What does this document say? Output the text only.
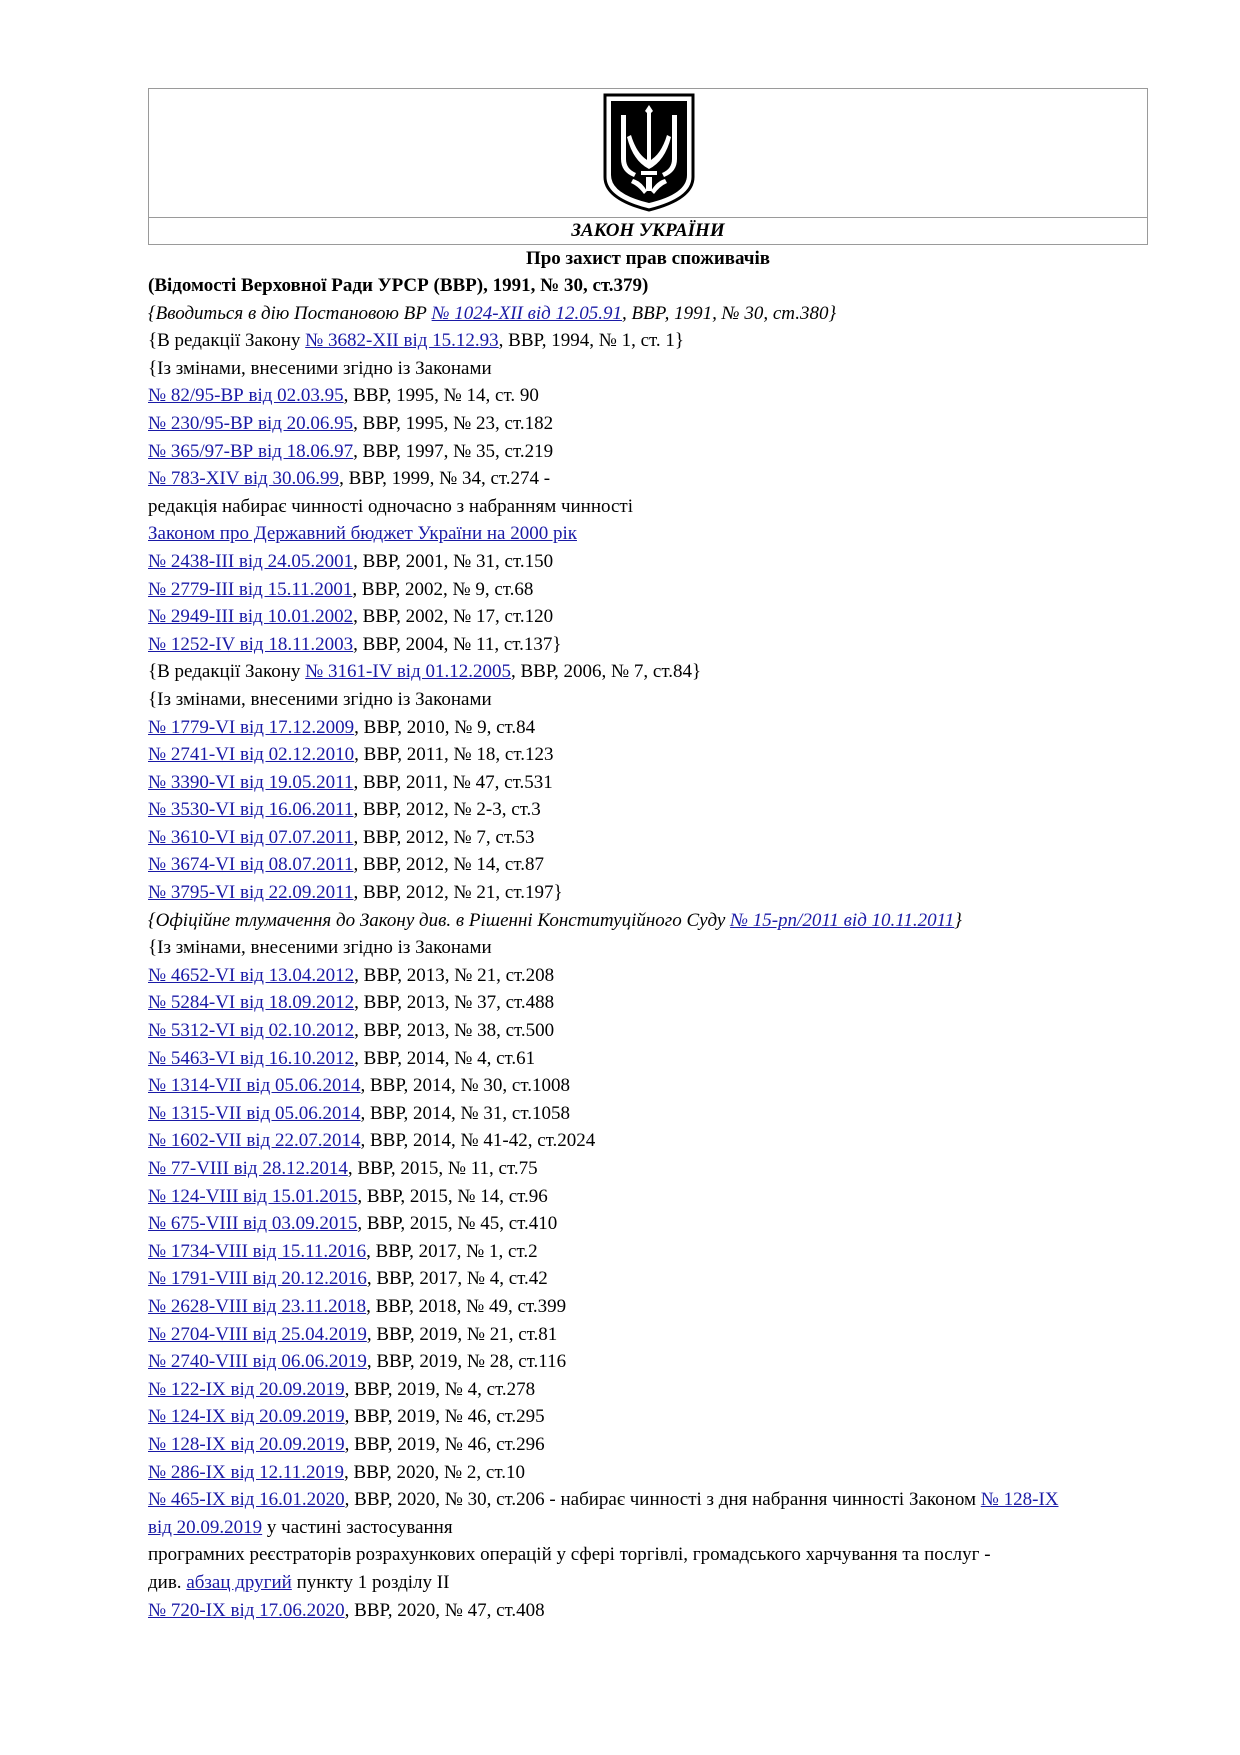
ЗАКОН УКРАЇНИ
Про захист прав споживачів
(Відомості Верховної Ради УРСР (ВВР), 1991, № 30, ст.379)
{Вводиться в дію Постановою ВР № 1024-XII від 12.05.91, ВВР, 1991, № 30, ст.380}
{В редакції Закону № 3682-XII від 15.12.93, ВВР, 1994, № 1, ст. 1}
{Із змінами, внесеними згідно із Законами
№ 82/95-ВР від 02.03.95, ВВР, 1995, № 14, ст. 90
№ 230/95-ВР від 20.06.95, ВВР, 1995, № 23, ст.182
№ 365/97-ВР від 18.06.97, ВВР, 1997, № 35, ст.219
№ 783-XIV від 30.06.99, ВВР, 1999, № 34, ст.274 -
редакція набирає чинності одночасно з набранням чинності
Законом про Державний бюджет України на 2000 рік
№ 2438-III від 24.05.2001, ВВР, 2001, № 31, ст.150
№ 2779-III від 15.11.2001, ВВР, 2002, № 9, ст.68
№ 2949-III від 10.01.2002, ВВР, 2002, № 17, ст.120
№ 1252-IV від 18.11.2003, ВВР, 2004, № 11, ст.137}
{В редакції Закону № 3161-IV від 01.12.2005, ВВР, 2006, № 7, ст.84}
{Із змінами, внесеними згідно із Законами
№ 1779-VI від 17.12.2009, ВВР, 2010, № 9, ст.84
№ 2741-VI від 02.12.2010, ВВР, 2011, № 18, ст.123
№ 3390-VI від 19.05.2011, ВВР, 2011, № 47, ст.531
№ 3530-VI від 16.06.2011, ВВР, 2012, № 2-3, ст.3
№ 3610-VI від 07.07.2011, ВВР, 2012, № 7, ст.53
№ 3674-VI від 08.07.2011, ВВР, 2012, № 14, ст.87
№ 3795-VI від 22.09.2011, ВВР, 2012, № 21, ст.197}
{Офіційне тлумачення до Закону див. в Рішенні Конституційного Суду № 15-рп/2011 від 10.11.2011}
{Із змінами, внесеними згідно із Законами
№ 4652-VI від 13.04.2012, ВВР, 2013, № 21, ст.208
№ 5284-VI від 18.09.2012, ВВР, 2013, № 37, ст.488
№ 5312-VI від 02.10.2012, ВВР, 2013, № 38, ст.500
№ 5463-VI від 16.10.2012, ВВР, 2014, № 4, ст.61
№ 1314-VII від 05.06.2014, ВВР, 2014, № 30, ст.1008
№ 1315-VII від 05.06.2014, ВВР, 2014, № 31, ст.1058
№ 1602-VII від 22.07.2014, ВВР, 2014, № 41-42, ст.2024
№ 77-VIII від 28.12.2014, ВВР, 2015, № 11, ст.75
№ 124-VIII від 15.01.2015, ВВР, 2015, № 14, ст.96
№ 675-VIII від 03.09.2015, ВВР, 2015, № 45, ст.410
№ 1734-VIII від 15.11.2016, ВВР, 2017, № 1, ст.2
№ 1791-VIII від 20.12.2016, ВВР, 2017, № 4, ст.42
№ 2628-VIII від 23.11.2018, ВВР, 2018, № 49, ст.399
№ 2704-VIII від 25.04.2019, ВВР, 2019, № 21, ст.81
№ 2740-VIII від 06.06.2019, ВВР, 2019, № 28, ст.116
№ 122-IX від 20.09.2019, ВВР, 2019, № 4, ст.278
№ 124-IX від 20.09.2019, ВВР, 2019, № 46, ст.295
№ 128-IX від 20.09.2019, ВВР, 2019, № 46, ст.296
№ 286-IX від 12.11.2019, ВВР, 2020, № 2, ст.10
№ 465-IX від 16.01.2020, ВВР, 2020, № 30, ст.206 - набирає чинності з дня набрання чинності Законом № 128-IX
від 20.09.2019 у частині застосування
програмних реєстраторів розрахункових операцій у сфері торгівлі, громадського харчування та послуг -
див. абзац другий пункту 1 розділу II
№ 720-IX від 17.06.2020, ВВР, 2020, № 47, ст.408
